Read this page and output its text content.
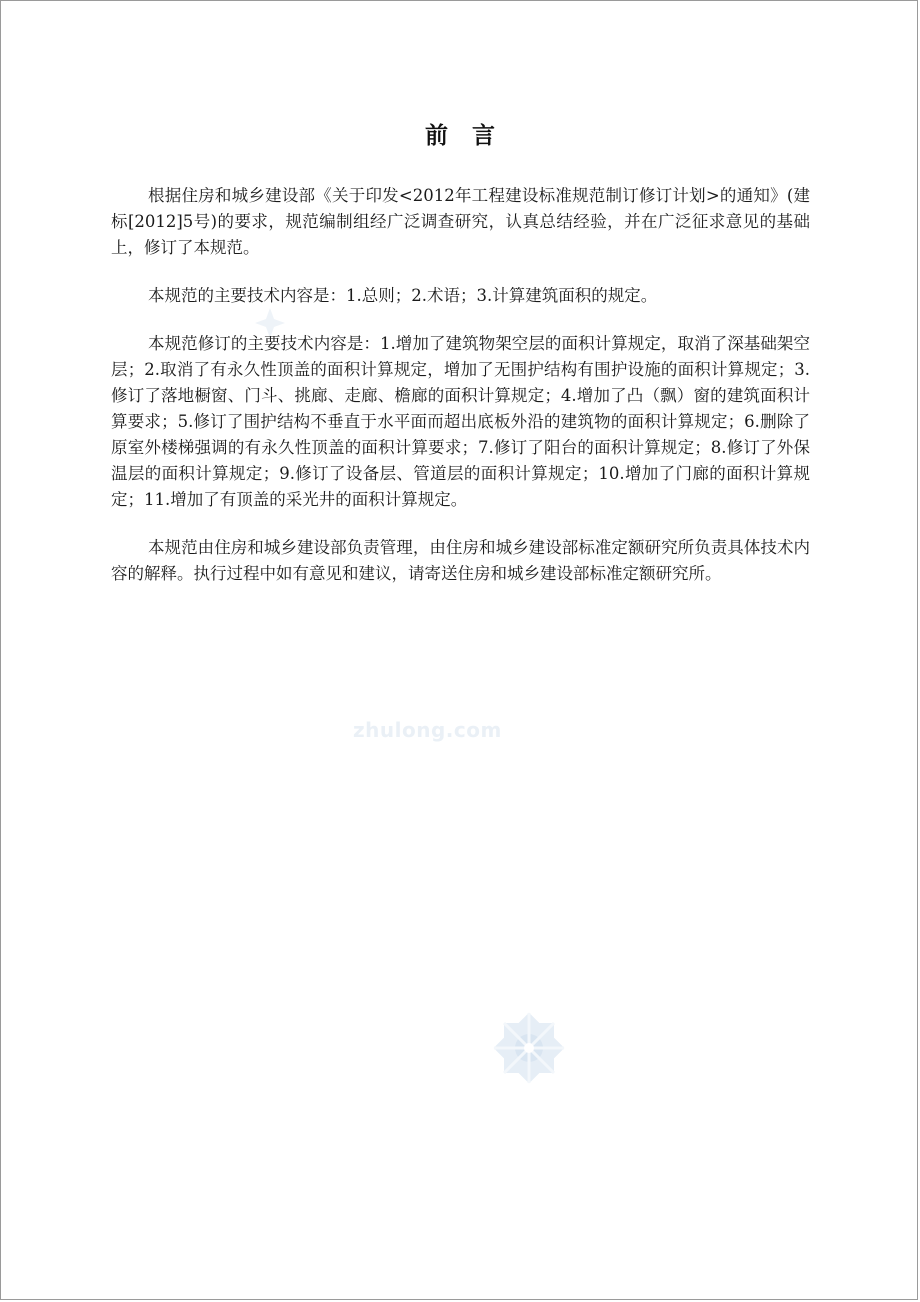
前言

根据住房和城乡建设部《关于印发<2012年工程建设标准规范制订修订计划>的通知》(建标[2012]5号)的要求，规范编制组经广泛调查研究，认真总结经验，并在广泛征求意见的基础上，修订了本规范。

本规范的主要技术内容是：1.总则；2.术语；3.计算建筑面积的规定。

本规范修订的主要技术内容是：1.增加了建筑物架空层的面积计算规定，取消了深基础架空层；2.取消了有永久性顶盖的面积计算规定，增加了无围护结构有围护设施的面积计算规定；3.修订了落地橱窗、门斗、挑廊、走廊、檐廊的面积计算规定；4.增加了凸（飘）窗的建筑面积计算要求；5.修订了围护结构不垂直于水平面而超出底板外沿的建筑物的面积计算规定；6.删除了原室外楼梯强调的有永久性顶盖的面积计算要求；7.修订了阳台的面积计算规定；8.修订了外保温层的面积计算规定；9.修订了设备层、管道层的面积计算规定；10.增加了门廊的面积计算规定；11.增加了有顶盖的采光井的面积计算规定。

本规范由住房和城乡建设部负责管理，由住房和城乡建设部标准定额研究所负责具体技术内容的解释。执行过程中如有意见和建议，请寄送住房和城乡建设部标准定额研究所。

zhulong.com
